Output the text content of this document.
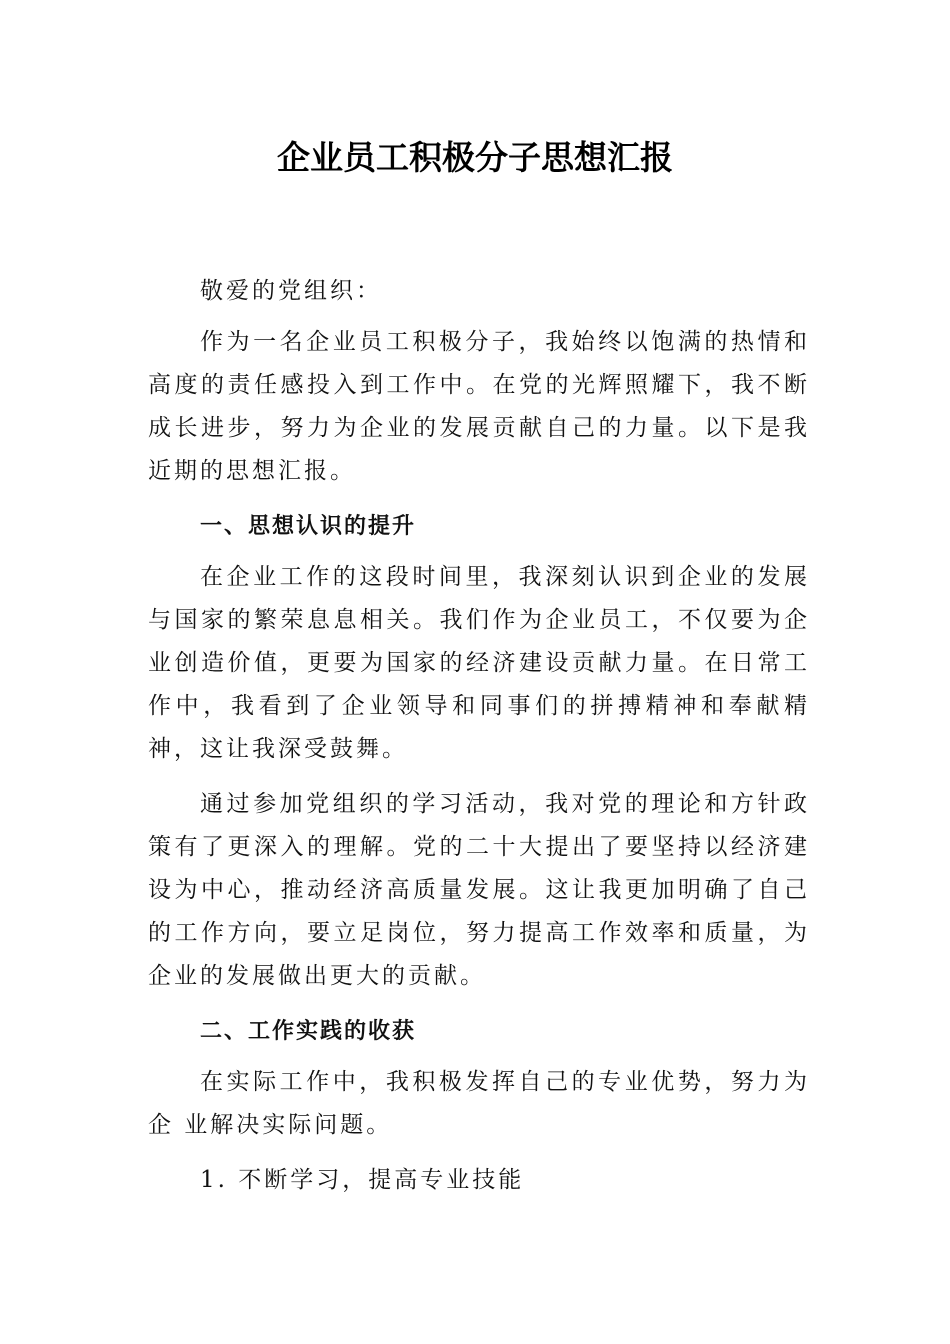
企业员工积极分子思想汇报

敬爱的党组织：

作为一名企业员工积极分子，我始终以饱满的热情和高度的责任感投入到工作中。在党的光辉照耀下，我不断成长进步，努力为企业的发展贡献自己的力量。以下是我近期的思想汇报。

一、思想认识的提升

在企业工作的这段时间里，我深刻认识到企业的发展与国家的繁荣息息相关。我们作为企业员工，不仅要为企业创造价值，更要为国家的经济建设贡献力量。在日常工作中，我看到了企业领导和同事们的拼搏精神和奉献精神，这让我深受鼓舞。

通过参加党组织的学习活动，我对党的理论和方针政策有了更深入的理解。党的二十大提出了要坚持以经济建设为中心，推动经济高质量发展。这让我更加明确了自己的工作方向，要立足岗位，努力提高工作效率和质量，为企业的发展做出更大的贡献。

二、工作实践的收获

在实际工作中，我积极发挥自己的专业优势，努力为企 业解决实际问题。

1. 不断学习，提高专业技能
